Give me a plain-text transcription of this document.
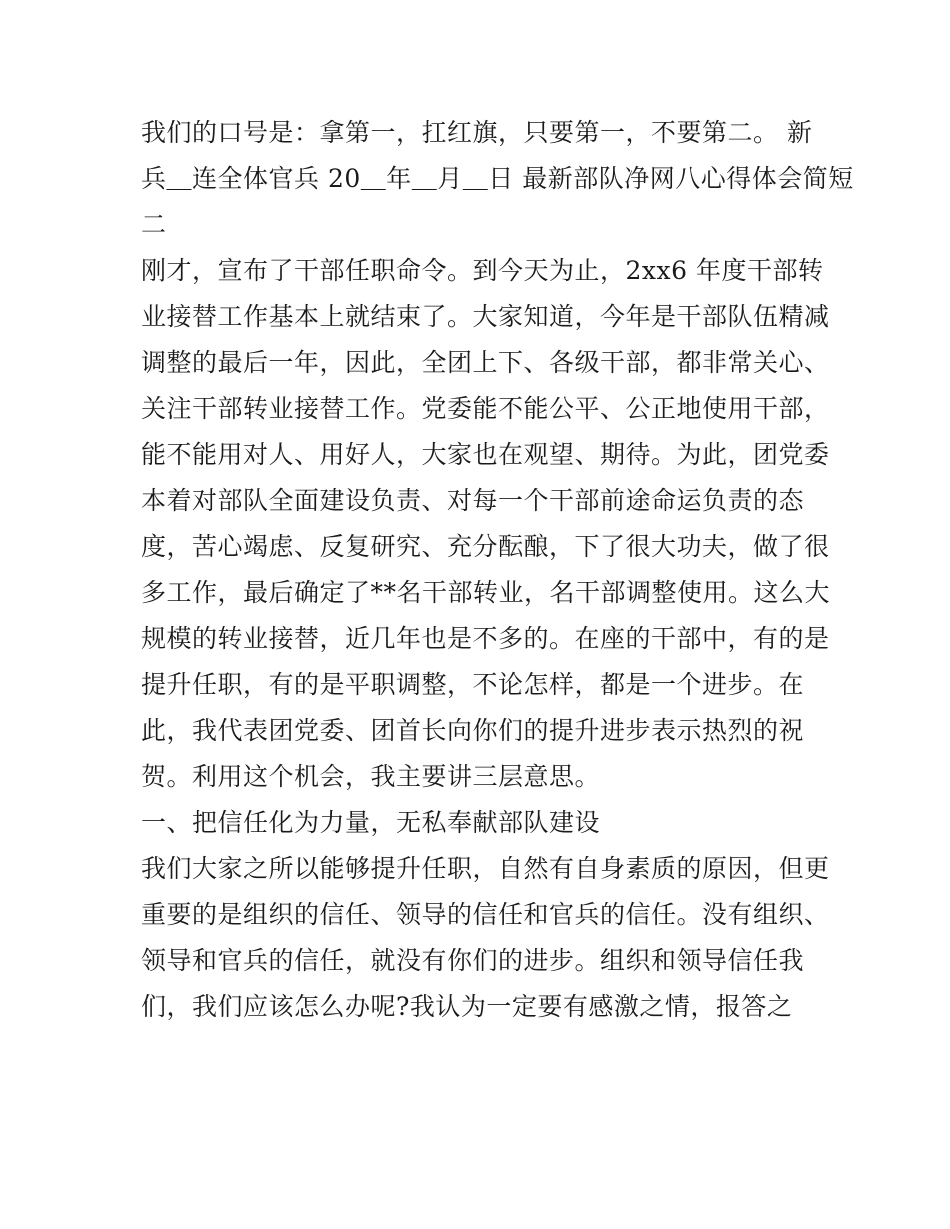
我们的口号是：拿第一，扛红旗，只要第一，不要第二。 新
兵＿连全体官兵 20＿年＿月＿日 最新部队净网八心得体会简短
二
刚才，宣布了干部任职命令。到今天为止，2xx6 年度干部转
业接替工作基本上就结束了。大家知道，今年是干部队伍精减
调整的最后一年，因此，全团上下、各级干部，都非常关心、
关注干部转业接替工作。党委能不能公平、公正地使用干部，
能不能用对人、用好人，大家也在观望、期待。为此，团党委
本着对部队全面建设负责、对每一个干部前途命运负责的态
度，苦心竭虑、反复研究、充分酝酿，下了很大功夫，做了很
多工作，最后确定了**名干部转业，名干部调整使用。这么大
规模的转业接替，近几年也是不多的。在座的干部中，有的是
提升任职，有的是平职调整，不论怎样，都是一个进步。在
此，我代表团党委、团首长向你们的提升进步表示热烈的祝
贺。利用这个机会，我主要讲三层意思。
一、把信任化为力量，无私奉献部队建设
我们大家之所以能够提升任职，自然有自身素质的原因，但更
重要的是组织的信任、领导的信任和官兵的信任。没有组织、
领导和官兵的信任，就没有你们的进步。组织和领导信任我
们，我们应该怎么办呢?我认为一定要有感激之情，报答之
